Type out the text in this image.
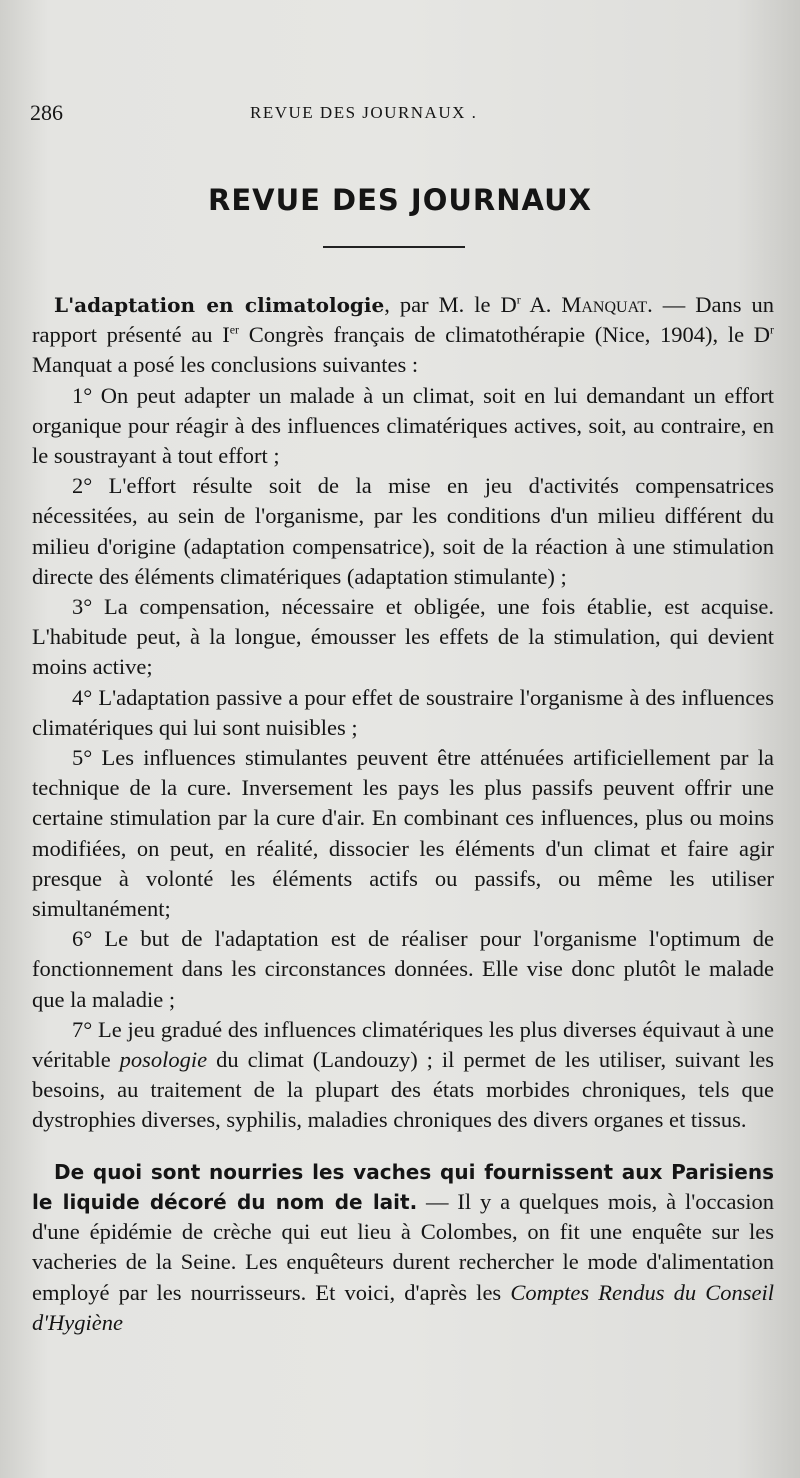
286	REVUE DES JOURNAUX .
REVUE DES JOURNAUX

L'adaptation en climatologie, par M. le $D^r$ A. Manquat. — Dans un rapport présenté au Ier Congrès français de climatothérapie (Nice, 1904), le $D^r$ Manquat a posé les conclusions suivantes :

1° On peut adapter un malade à un climat, soit en lui demandant un effort organique pour réagir à des influences climatériques actives, soit, au contraire, en le soustrayant à tout effort ;

2° L'effort résulte soit de la mise en jeu d'activités compensatrices nécessitées, au sein de l'organisme, par les conditions d'un milieu différent du milieu d'origine (adaptation compensatrice), soit de la réaction à une stimulation directe des éléments climatériques (adaptation stimulante) ;

3° La compensation, nécessaire et obligée, une fois établie, est acquise. L'habitude peut, à la longue, émousser les effets de la stimulation, qui devient moins active;

4° L'adaptation passive a pour effet de soustraire l'organisme à des influences climatériques qui lui sont nuisibles ;

5° Les influences stimulantes peuvent être atténuées artificiellement par la technique de la cure. Inversement les pays les plus passifs peuvent offrir une certaine stimulation par la cure d'air. En combinant ces influences, plus ou moins modifiées, on peut, en réalité, dissocier les éléments d'un climat et faire agir presque à volonté les éléments actifs ou passifs, ou même les utiliser simultanément;

6° Le but de l'adaptation est de réaliser pour l'organisme l'optimum de fonctionnement dans les circonstances données. Elle vise donc plutôt le malade que la maladie ;

7° Le jeu gradué des influences climatériques les plus diverses équivaut à une véritable posologie du climat (Landouzy) ; il permet de les utiliser, suivant les besoins, au traitement de la plupart des états morbides chroniques, tels que dystrophies diverses, syphilis, maladies chroniques des divers organes et tissus.

De quoi sont nourries les vaches qui fournissent aux Parisiens le liquide décoré du nom de lait. — Il y a quelques mois, à l'occasion d'une épidémie de crèche qui eut lieu à Colombes, on fit une enquête sur les vacheries de la Seine. Les enquêteurs durent rechercher le mode d'alimentation employé par les nourrisseurs. Et voici, d'après les Comptes Rendus du Conseil d'Hygiène
